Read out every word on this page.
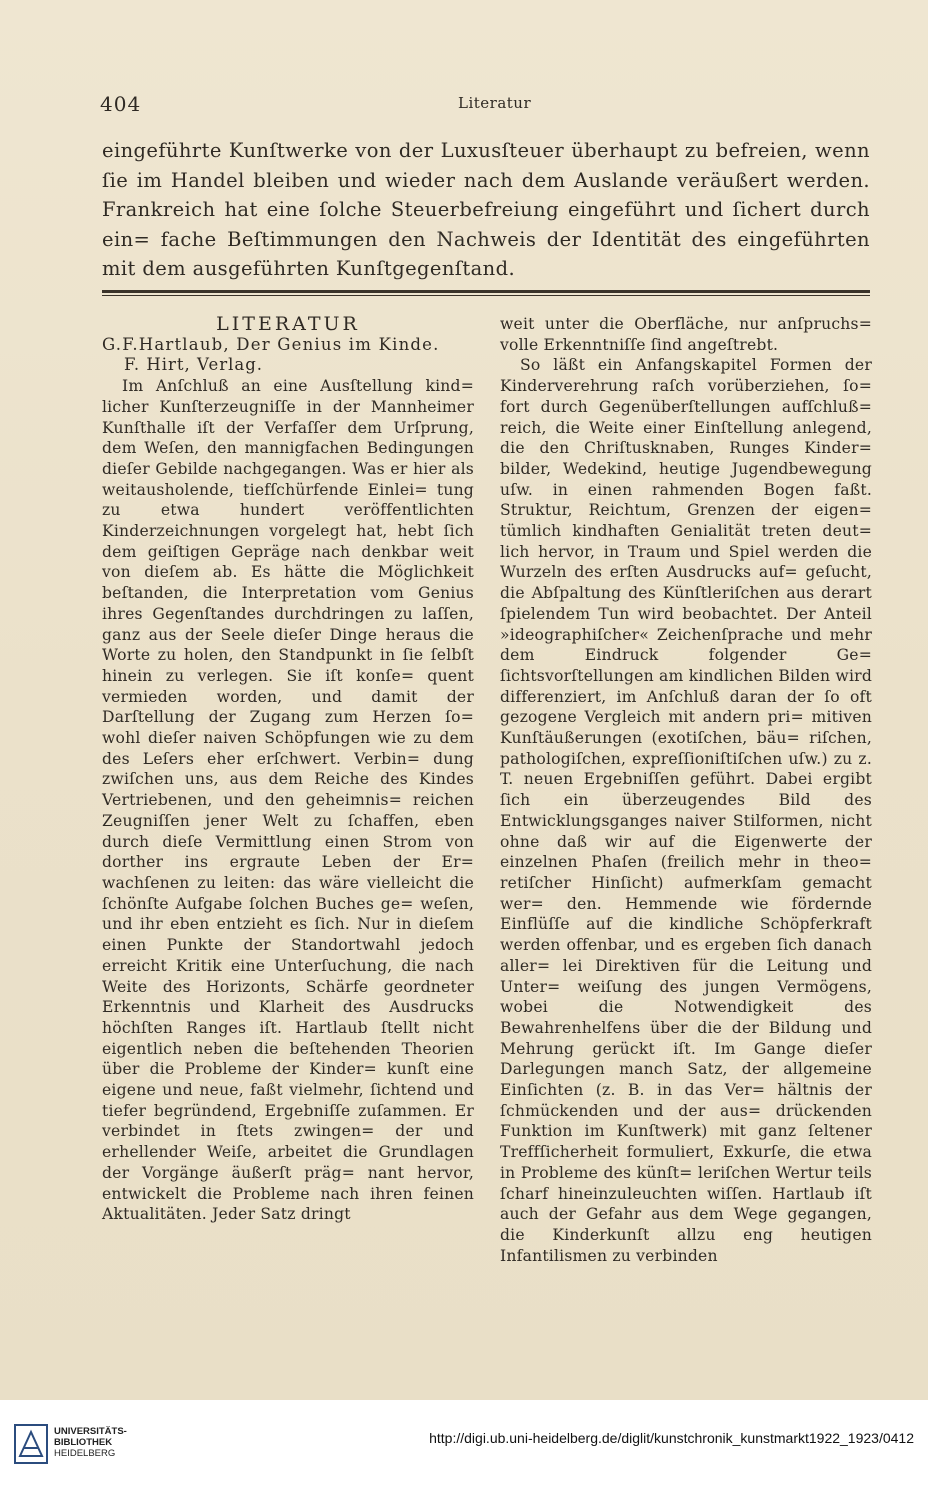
404	Literatur

eingeführte Kunſtwerke von der Luxusſteuer überhaupt zu befreien, wenn ſie im Handel bleiben und wieder nach dem Auslande veräußert werden. Frankreich hat eine ſolche Steuerbefreiung eingeführt und ſichert durch ein= fache Beſtimmungen den Nachweis der Identität des eingeführten mit dem ausgeführten Kunſtgegenſtand.

LITERATUR

G.F.Hartlaub, Der Genius im Kinde.

F. Hirt, Verlag.

Im Anſchluß an eine Ausſtellung kind= licher Kunſterzeugniſſe in der Mannheimer Kunſthalle iſt der Verfaſſer dem Urſprung, dem Weſen, den mannigfachen Bedingungen dieſer Gebilde nachgegangen. Was er hier als weitausholende, tiefſchürfende Einlei= tung zu etwa hundert veröffentlichten Kinderzeichnungen vorgelegt hat, hebt ſich dem geiſtigen Gepräge nach denkbar weit von dieſem ab. Es hätte die Möglichkeit beſtanden, die Interpretation vom Genius ihres Gegenſtandes durchdringen zu laſſen, ganz aus der Seele dieſer Dinge heraus die Worte zu holen, den Standpunkt in ſie ſelbſt hinein zu verlegen. Sie iſt konſe= quent vermieden worden, und damit der Darſtellung der Zugang zum Herzen ſo= wohl dieſer naiven Schöpfungen wie zu dem des Leſers eher erſchwert. Verbin= dung zwiſchen uns, aus dem Reiche des Kindes Vertriebenen, und den geheimnis= reichen Zeugniſſen jener Welt zu ſchaffen, eben durch dieſe Vermittlung einen Strom von dorther ins ergraute Leben der Er= wachſenen zu leiten: das wäre vielleicht die ſchönſte Aufgabe ſolchen Buches ge= weſen, und ihr eben entzieht es ſich. Nur in dieſem einen Punkte der Standortwahl jedoch erreicht Kritik eine Unterſuchung, die nach Weite des Horizonts, Schärfe geordneter Erkenntnis und Klarheit des Ausdrucks höchſten Ranges iſt. Hartlaub ſtellt nicht eigentlich neben die beſtehenden Theorien über die Probleme der Kinder= kunſt eine eigene und neue, faßt vielmehr, ſichtend und tiefer begründend, Ergebniſſe zuſammen. Er verbindet in ſtets zwingen= der und erhellender Weiſe, arbeitet die Grundlagen der Vorgänge äußerſt präg= nant hervor, entwickelt die Probleme nach ihren feinen Aktualitäten. Jeder Satz dringt

weit unter die Oberfläche, nur anſpruchs= volle Erkenntniſſe ſind angeſtrebt.

So läßt ein Anfangskapitel Formen der Kinderverehrung raſch vorüberziehen, ſo= fort durch Gegenüberſtellungen aufſchluß= reich, die Weite einer Einſtellung anlegend, die den Chriſtusknaben, Runges Kinder= bilder, Wedekind, heutige Jugendbewegung uſw. in einen rahmenden Bogen faßt. Struktur, Reichtum, Grenzen der eigen= tümlich kindhaften Genialität treten deut= lich hervor, in Traum und Spiel werden die Wurzeln des erſten Ausdrucks auf= geſucht, die Abſpaltung des Künſtleriſchen aus derart ſpielendem Tun wird beobachtet. Der Anteil »ideographiſcher« Zeichenſprache und mehr dem Eindruck folgender Ge= ſichtsvorſtellungen am kindlichen Bilden wird differenziert, im Anſchluß daran der ſo oft gezogene Vergleich mit andern pri= mitiven Kunſtäußerungen (exotiſchen, bäu= riſchen, pathologiſchen, expreſſioniſtiſchen uſw.) zu z. T. neuen Ergebniſſen geführt. Dabei ergibt ſich ein überzeugendes Bild des Entwicklungsganges naiver Stilformen, nicht ohne daß wir auf die Eigenwerte der einzelnen Phaſen (freilich mehr in theo= retiſcher Hinſicht) aufmerkſam gemacht wer= den. Hemmende wie fördernde Einflüſſe auf die kindliche Schöpferkraft werden offenbar, und es ergeben ſich danach aller= lei Direktiven für die Leitung und Unter= weiſung des jungen Vermögens, wobei die Notwendigkeit des Bewahrenhelfens über die der Bildung und Mehrung gerückt iſt. Im Gange dieſer Darlegungen manch Satz, der allgemeine Einſichten (z. B. in das Ver= hältnis der ſchmückenden und der aus= drückenden Funktion im Kunſtwerk) mit ganz ſeltener Treffſicherheit formuliert, Exkurſe, die etwa in Probleme des künſt= leriſchen Wertur teils ſcharf hineinzuleuchten wiſſen. Hartlaub iſt auch der Gefahr aus dem Wege gegangen, die Kinderkunſt allzu eng heutigen Infantilismen zu verbinden

UNIVERSITÄTS-
BIBLIOTHEK
HEIDELBERG
http://digi.ub.uni-heidelberg.de/diglit/kunstchronik_kunstmarkt1922_1923/0412
